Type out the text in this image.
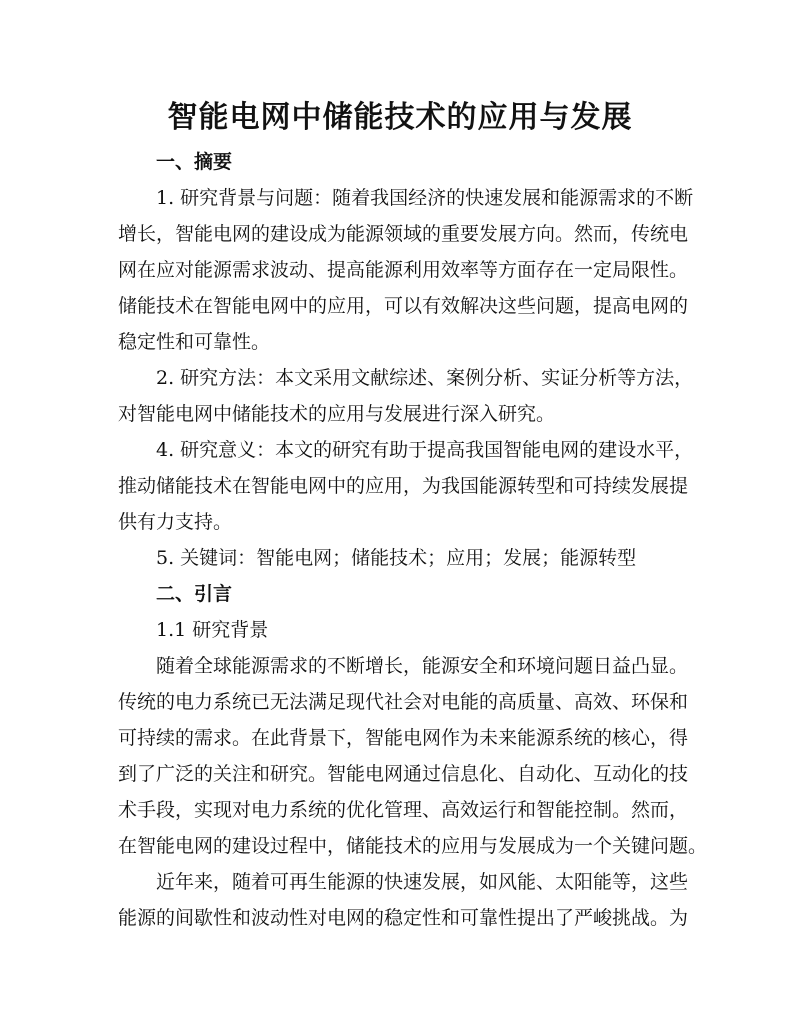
智能电网中储能技术的应用与发展
一、摘要
1. 研究背景与问题：随着我国经济的快速发展和能源需求的不断
增长，智能电网的建设成为能源领域的重要发展方向。然而，传统电
网在应对能源需求波动、提高能源利用效率等方面存在一定局限性。
储能技术在智能电网中的应用，可以有效解决这些问题，提高电网的
稳定性和可靠性。
2. 研究方法：本文采用文献综述、案例分析、实证分析等方法，
对智能电网中储能技术的应用与发展进行深入研究。
4. 研究意义：本文的研究有助于提高我国智能电网的建设水平，
推动储能技术在智能电网中的应用，为我国能源转型和可持续发展提
供有力支持。
5. 关键词：智能电网；储能技术；应用；发展；能源转型
二、引言
1.1 研究背景
随着全球能源需求的不断增长，能源安全和环境问题日益凸显。
传统的电力系统已无法满足现代社会对电能的高质量、高效、环保和
可持续的需求。在此背景下，智能电网作为未来能源系统的核心，得
到了广泛的关注和研究。智能电网通过信息化、自动化、互动化的技
术手段，实现对电力系统的优化管理、高效运行和智能控制。然而，
在智能电网的建设过程中，储能技术的应用与发展成为一个关键问题。
近年来，随着可再生能源的快速发展，如风能、太阳能等，这些
能源的间歇性和波动性对电网的稳定性和可靠性提出了严峻挑战。为
